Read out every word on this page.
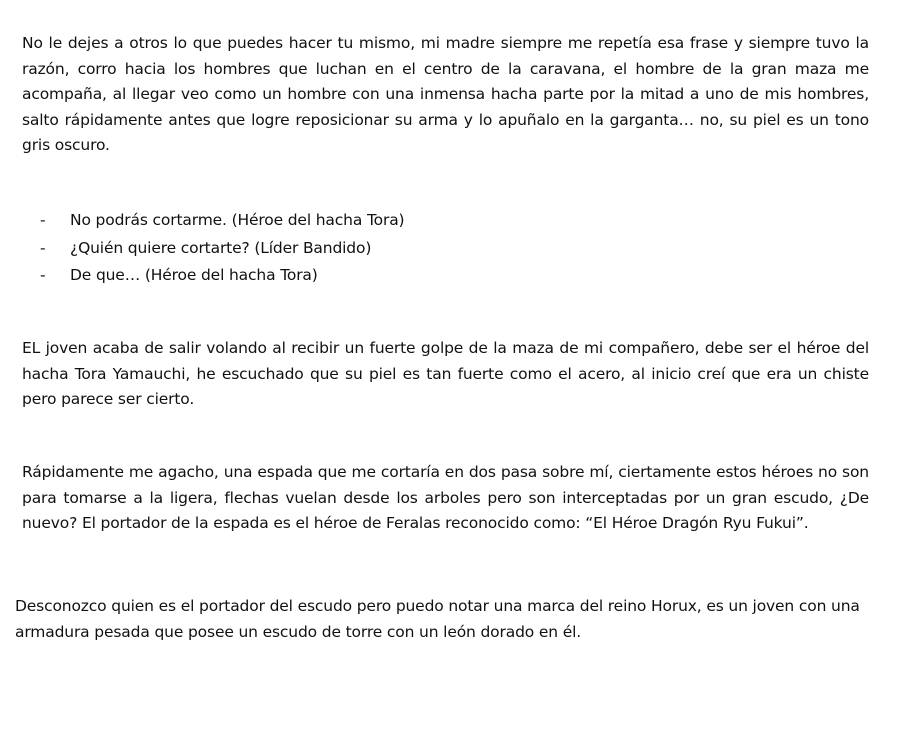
No le dejes a otros lo que puedes hacer tu mismo, mi madre siempre me repetía esa frase y siempre tuvo la razón, corro hacia los hombres que luchan en el centro de la caravana, el hombre de la gran maza me acompaña, al llegar veo como un hombre con una inmensa hacha parte por la mitad a uno de mis hombres, salto rápidamente antes que logre reposicionar su arma y lo apuñalo en la garganta… no, su piel es un tono gris oscuro.

- No podrás cortarme. (Héroe del hacha Tora)
- ¿Quién quiere cortarte? (Líder Bandido)
- De que… (Héroe del hacha Tora)

EL joven acaba de salir volando al recibir un fuerte golpe de la maza de mi compañero, debe ser el héroe del hacha Tora Yamauchi, he escuchado que su piel es tan fuerte como el acero, al inicio creí que era un chiste pero parece ser cierto.

Rápidamente me agacho, una espada que me cortaría en dos pasa sobre mí, ciertamente estos héroes no son para tomarse a la ligera, flechas vuelan desde los arboles pero son interceptadas por un gran escudo, ¿De nuevo? El portador de la espada es el héroe de Feralas reconocido como: “El Héroe Dragón Ryu Fukui”.

Desconozco quien es el portador del escudo pero puedo notar una marca del reino Horux, es un joven con una armadura pesada que posee un escudo de torre con un león dorado en él.
